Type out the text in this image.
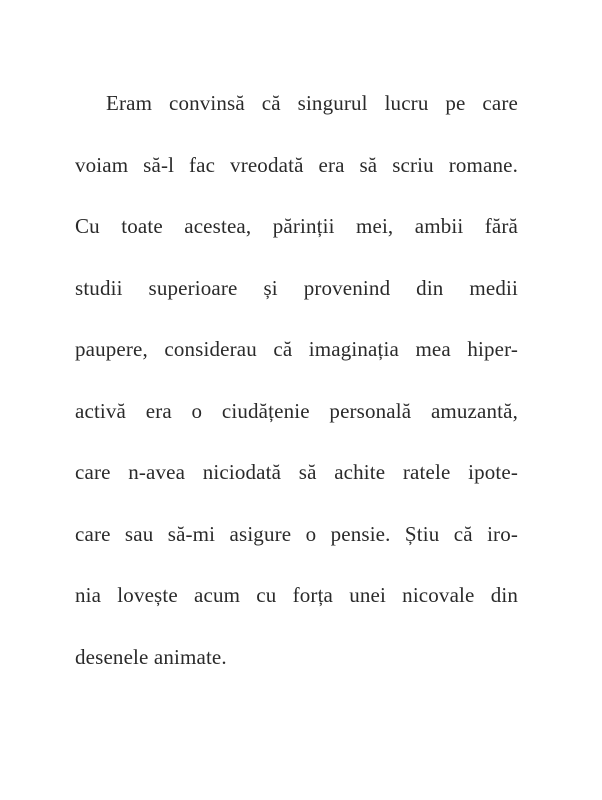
Eram convinsă că singurul lucru pe care
voiam să-l fac vreodată era să scriu romane.
Cu toate acestea, părinții mei, ambii fără
studii superioare și provenind din medii
paupere, considerau că imaginația mea hiper-
activă era o ciudățenie personală amuzantă,
care n-avea niciodată să achite ratele ipote-
care sau să-mi asigure o pensie. Știu că iro-
nia lovește acum cu forța unei nicovale din
desenele animate.
